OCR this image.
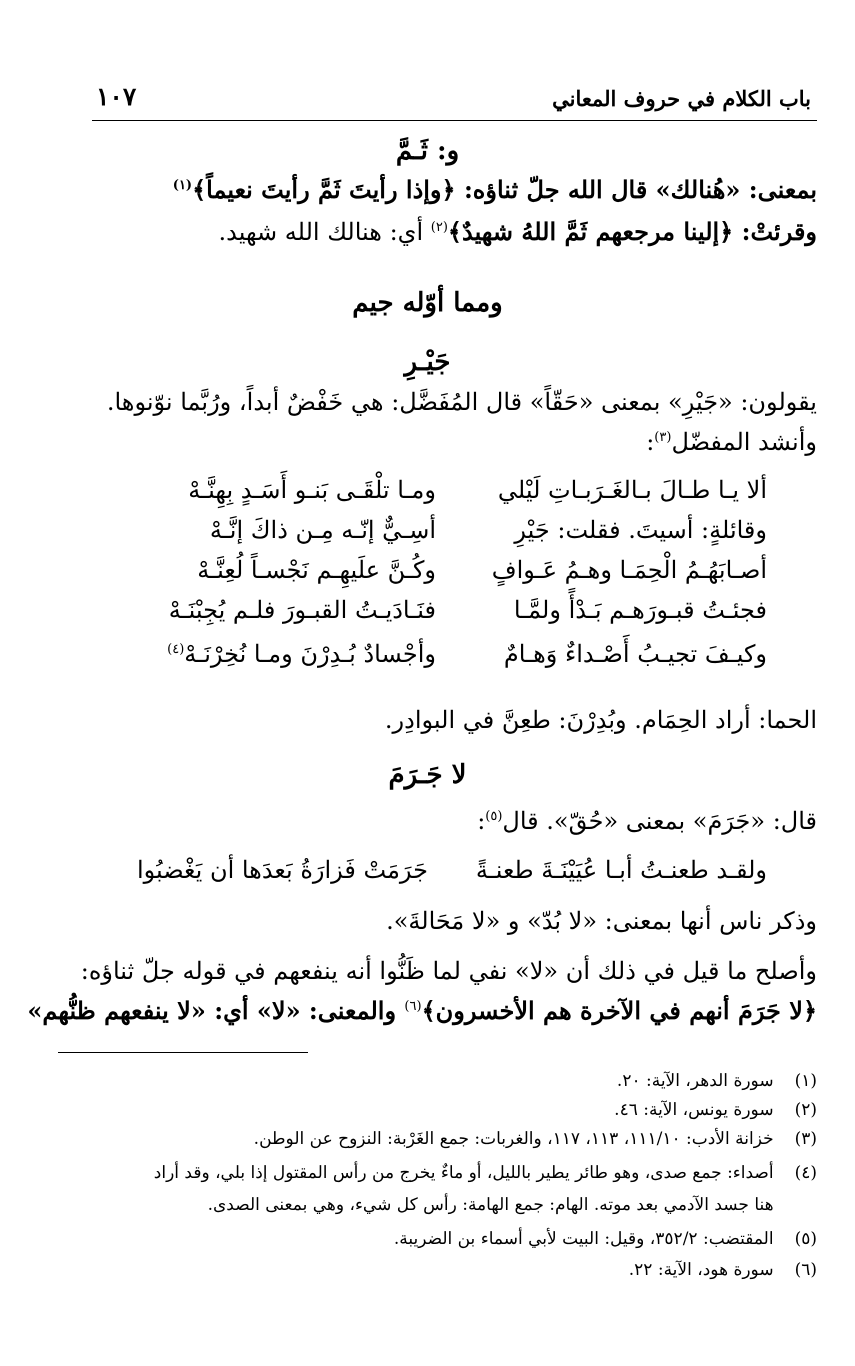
باب الكلام في حروف المعاني
١٠٧
و: ثَـمَّ
بمعنى: «هُنالك» قال الله جلّ ثناؤه: ﴿وإذا رأيتَ ثَمَّ رأيتَ نعيماً﴾$^{(١)}$
وقرئتْ: ﴿إلينا مرجعهم ثَمَّ اللهُ شهيدٌ﴾$^{(٢)}$ أي: هنالك الله شهيد.
ومما أوّله جيم
جَيْـرِ
يقولون: «جَيْرِ» بمعنى «حَقّاً» قال المُفَضَّل: هي خَفْضٌ أبداً، ورُبَّما نوّنوها.
وأنشد المفضّل$^{(٣)}$:
ألا يـا طـالَ بـالغَـرَبـاتِ لَيْلي
ومـا تلْقَـى بَنـو أَسَـدٍ بِهِنَّـهْ
وقائلةٍ: أسيتَ. فقلت: جَيْرِ
أسِـيٌّ إنّـه مِـن ذاكَ إنَّـهْ
أصـابَهُـمُ الْحِمَـا وهـمُ عَـوافٍ
وكُـنَّ علَيهِـم نَجْسـاً لُعِنَّـهْ
فجئـتُ قبـورَهـم بَـدْأً ولمَّـا
فنَـادَيـتُ القبـورَ فلـم يُجِبْنَـهْ
وكيـفَ تجيـبُ أَصْـداءٌ وَهـامٌ
وأجْسادٌ بُـدِرْنَ ومـا نُخِرْنَـهْ$^{(٤)}$
الحما: أراد الحِمَام. وبُدِرْنَ: طعِنَّ في البوادِر.
لا جَـرَمَ
قال: «جَرَمَ» بمعنى «حُقّ». قال$^{(٥)}$:
ولقـد طعنـتُ أبـا عُيَيْنَـةَ طعنـةً
جَرَمَتْ فَزارَةُ بَعدَها أن يَغْضبُوا
وذكر ناس أنها بمعنى: «لا بُدّ» و «لا مَحَالةَ».
وأصلح ما قيل في ذلك أن «لا» نفي لما ظَنُّوا أنه ينفعهم في قوله جلّ ثناؤه:
﴿لا جَرَمَ أنهم في الآخرة هم الأخسرون﴾$^{(٦)}$ والمعنى: «لا» أي: «لا ينفعهم ظنُّهم»
(١) سورة الدهر، الآية: ٢٠.
(٢) سورة يونس، الآية: ٤٦.
(٣) خزانة الأدب: ١١١/١٠، ١١٣، ١١٧، والغربات: جمع الغَرْبة: النزوح عن الوطن.
(٤) أصداء: جمع صدى، وهو طائر يطير بالليل، أو ماءٌ يخرج من رأس المقتول إذا بلي، وقد أراد
هنا جسد الآدمي بعد موته. الهام: جمع الهامة: رأس كل شيء، وهي بمعنى الصدى.
(٥) المقتضب: ٣٥٢/٢، وقيل: البيت لأبي أسماء بن الضريبة.
(٦) سورة هود، الآية: ٢٢.
